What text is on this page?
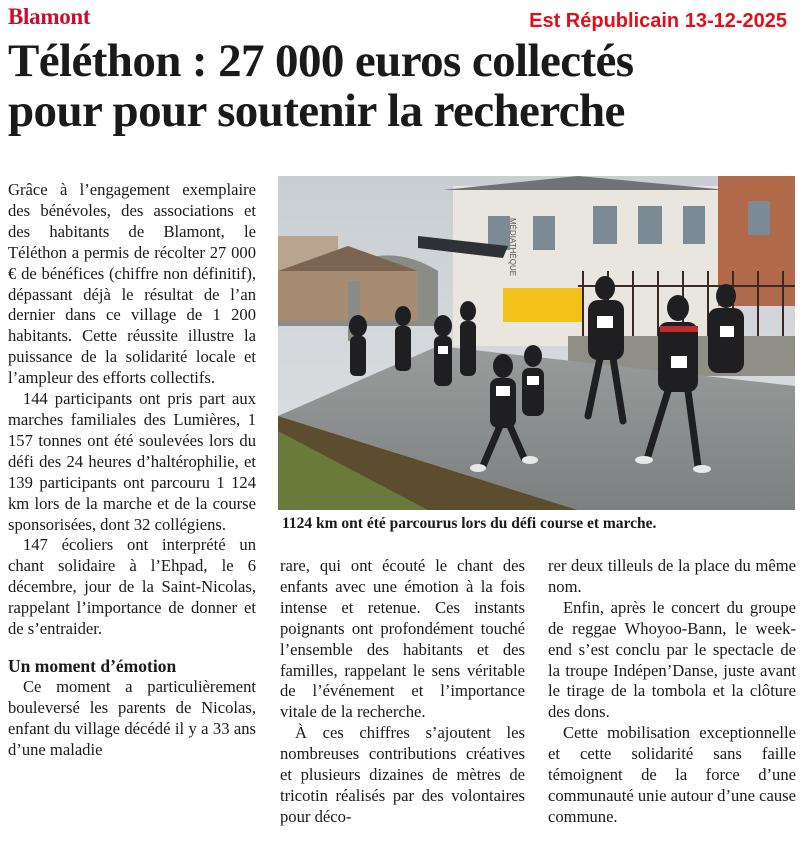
Blamont	Est Républicain 13-12-2025
Téléthon : 27 000 euros collectés
pour pour soutenir la recherche

Grâce à l’engagement exemplaire des bénévoles, des associations et des habitants de Blamont, le Téléthon a permis de récolter 27 000 € de bénéfices (chiffre non définitif), dépassant déjà le résultat de l’an dernier dans ce village de 1 200 habitants. Cette réussite illustre la puissance de la solidarité locale et l’ampleur des efforts collectifs.

144 participants ont pris part aux marches familiales des Lumières, 1 157 tonnes ont été soulevées lors du défi des 24 heures d’haltérophilie, et 139 participants ont parcouru 1 124 km lors de la marche et de la course sponsorisées, dont 32 collégiens.

147 écoliers ont interprété un chant solidaire à l’Ehpad, le 6 décembre, jour de la Saint-Nicolas, rappelant l’importance de donner et de s’entraider.

Un moment d’émotion

Ce moment a particulièrement bouleversé les parents de Nicolas, enfant du village décédé il y a 33 ans d’une maladie

MÉDIATHÈQUE
1124 km ont été parcourus lors du défi course et marche.

rare, qui ont écouté le chant des enfants avec une émotion à la fois intense et retenue. Ces instants poignants ont profondément touché l’ensemble des habitants et des familles, rappelant le sens véritable de l’événement et l’importance vitale de la recherche.

À ces chiffres s’ajoutent les nombreuses contributions créatives et plusieurs dizaines de mètres de tricotin réalisés par des volontaires pour déco-

rer deux tilleuls de la place du même nom.

Enfin, après le concert du groupe de reggae Whoyoo-Bann, le week-end s’est conclu par le spectacle de la troupe Indépen’Danse, juste avant le tirage de la tombola et la clôture des dons.

Cette mobilisation exceptionnelle et cette solidarité sans faille témoignent de la force d’une communauté unie autour d’une cause commune.
